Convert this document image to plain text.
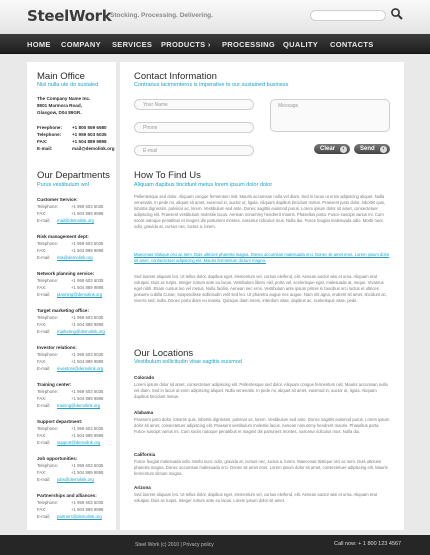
SteelWork
Stocking. Processing. Delivering.
HOME COMPANY SERVICES PRODUCTS › PROCESSING QUALITY CONTACTS
Main Office
Nisl nulla ute do sustaled
The Company Name Inc.
8901 Marmora Road,
Glasgow, D04 89GR.
Freephone: +1 800 559 6580
Telephone: +1 959 603 6035
FAX:	+1 504 889 9898
E-mail:	mail@demolink.org
Our Departments
Purus vestibulum wol
Customer Service:
Telephone:	+1 959 603 6035
FAX:	+1 504 889 9898
E-mail: mail@demolink.org
Risk management dept:
Telephone:	+1 959 603 6035
FAX:	+1 504 889 9898
E-mail: risk@demolink.org
Network planning service:
Telephone:	+1 959 603 6035
FAX:	+1 504 889 9898
E-mail: planning@demolink.org
Target marketing office:
Telephone:	+1 959 603 6035
FAX:	+1 504 889 9898
E-mail: marketing@demolink.org
Investor relations:
Telephone:	+1 959 603 6035
FAX:	+1 504 889 9898
E-mail: investors@demolink.org
Training center:
Telephone:	+1 959 603 6035
FAX:	+1 504 889 9898
E-mail: training@demolink.org
Support department:
Telephone:	+1 959 603 6035
FAX:	+1 504 889 9898
E-mail: support@demolink.org
Job opportunities:
Telephone:	+1 959 603 6035
FAX:	+1 504 889 9898
E-mail: jobs@demolink.org
Partnerships and alliances:
Telephone:	+1 959 603 6035
FAX:	+1 504 889 9898
E-mail: partners@demolink.org
Contact Information
Contrarius lacimenteros is imperative to our sustained business
Your Name
Phone
E-mail
Message
Clear	›	Send	›
How To Find Us
Aliquam dapibus tincidunt metus lorem ipsum dolor dolor
Pellentesque sed dolor. Aliquam congue fermentum nisl. Mauris accumsan nulla vel diam. Sed in lacus ut enim adipiscing aliquet. Nulla venenatis. In pede mi, aliquet sit amet, euismod in, auctor ut, ligula. Aliquam dapibus tincidunt metus. Praesent justo dolor, lobortis quis, lobortis dignissim, pulvinar ac, lorem. Vestibulum sed ante. Donec sagittis euismod purus. Lorem ipsum dolor sit amet, consectetuer adipiscing elit. Praesent vestibulum molestie lacus. Aenean nonummy hendrerit mauris. Phasellus porta. Fusce suscipit varius mi. Cum sociis natoque penatibus et magnis dis parturient montes, nascetur ridiculus mus. Nulla dui. Fusce feugiat malesuada odio. Morbi nunc odio, gravida at, cursus nec, luctus a, lorem.
Maecenas tristique orci ac sem. Duis ultricies pharetra magna. Donec accumsan malesuada orci. Donec sit amet eros. Lorem ipsum dolor sit amet, consectetuer adipiscing elit. Mauris fermentum dictum magna.
Sed laoreet aliquam leo. Ut tellus dolor, dapibus eget, elementum vel, cursus eleifend, elit. Aenean auctor wisi et urna. Aliquam erat volutpat. Duis ac turpis. Integer rutrum ante eu lacus. Vestibulum libero nisl, porta vel, scelerisque eget, malesuada at, neque. Vivamus eget nibh. Etiam cursus leo vel metus. Nulla facilisi. Aenean nec eros. Vestibulum ante ipsum primis in faucibus orci luctus et ultrices posuere cubilia Curae; Suspendisse sollicitudin velit sed leo. Ut pharetra augue nec augue. Nam elit agna, endrerit sit amet, tincidunt ac, viverra sed, nulla. Donec porta diam eu massa. Quisque diam lorem, interdum vitae, dapibus ac, scelerisque vitae, pede.
Our Locations
Vestibulum sollicitudin vitae sagittis euismod
Colorado
Lorem ipsum dolor sit amet, consectetuer adipiscing elit. Pellentesque sed dolor. Aliquam congue fermentum nisl. Mauris accumsan nulla vel diam. Sed in lacus ut enim adipiscing aliquet. Nulla venenatis. In pede mi, aliquet sit amet, euismod in, auctor ut, ligula. Aliquam dapibus tincidunt metus.
Alabama
Praesent justo dolor, lobortis quis, lobortis dignissim, pulvinar ac, lorem. Vestibulum sed ante. Donec sagittis euismod purus. Lorem ipsum dolor sit amet, consectetuer adipiscing elit. Praesent vestibulum molestie lacus. Aenean nonummy hendrerit mauris. Phasellus porta. Fusce suscipit varius mi. Cum sociis natoque penatibus et magnis dis parturient montes, nascetur ridiculus mus. Nulla dui.
California
Fusce feugiat malesuada odio. Morbi nunc odio, gravida at, cursus nec, luctus a, lorem. Maecenas tristique orci ac sem. Duis ultricies pharetra magna. Donec accumsan malesuada orci. Donec sit amet eros. Lorem ipsum dolor sit amet, consectetuer adipiscing elit. Mauris fermentum dictum magna.
Arizona
Sed laoreet aliquam leo. Ut tellus dolor, dapibus eget, elementum vel, cursus eleifend, elit. Aenean auctor wisi et urna. Aliquam erat volutpat. Duis ac turpis. Integer rutrum ante eu lacus. Lorem ipsum dolor sit amet.
Steel Work (c) 2010 | Privacy policy	Call now: + 1 800 123 4567
